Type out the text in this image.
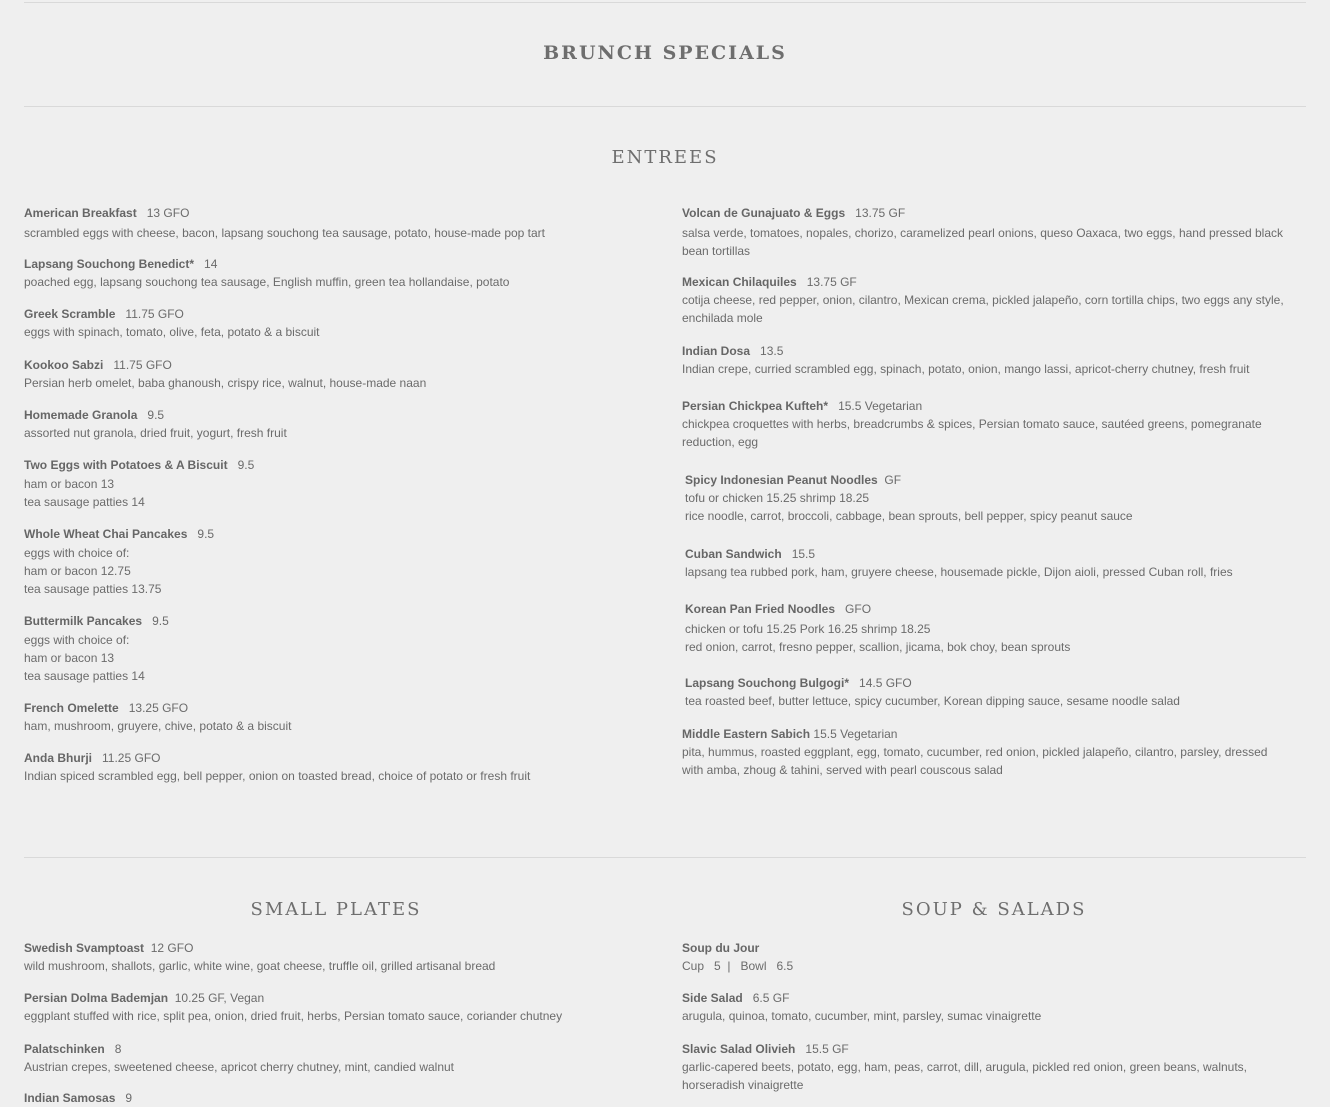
BRUNCH SPECIALS
ENTREES
American Breakfast 13 GFO
scrambled eggs with cheese, bacon, lapsang souchong tea sausage, potato, house-made pop tart
Lapsang Souchong Benedict* 14
poached egg, lapsang souchong tea sausage, English muffin, green tea hollandaise, potato
Greek Scramble 11.75 GFO
eggs with spinach, tomato, olive, feta, potato & a biscuit
Kookoo Sabzi 11.75 GFO
Persian herb omelet, baba ghanoush, crispy rice, walnut, house-made naan
Homemade Granola 9.5
assorted nut granola, dried fruit, yogurt, fresh fruit
Two Eggs with Potatoes & A Biscuit 9.5
ham or bacon 13
tea sausage patties 14
Whole Wheat Chai Pancakes 9.5
eggs with choice of:
ham or bacon 12.75
tea sausage patties 13.75
Buttermilk Pancakes 9.5
eggs with choice of:
ham or bacon 13
tea sausage patties 14
French Omelette 13.25 GFO
ham, mushroom, gruyere, chive, potato & a biscuit
Anda Bhurji 11.25 GFO
Indian spiced scrambled egg, bell pepper, onion on toasted bread, choice of potato or fresh fruit
Volcan de Gunajuato & Eggs 13.75 GF
salsa verde, tomatoes, nopales, chorizo, caramelized pearl onions, queso Oaxaca, two eggs, hand pressed black bean tortillas
Mexican Chilaquiles 13.75 GF
cotija cheese, red pepper, onion, cilantro, Mexican crema, pickled jalapeño, corn tortilla chips, two eggs any style, enchilada mole
Indian Dosa 13.5
Indian crepe, curried scrambled egg, spinach, potato, onion, mango lassi, apricot-cherry chutney, fresh fruit
Persian Chickpea Kufteh* 15.5 Vegetarian
chickpea croquettes with herbs, breadcrumbs & spices, Persian tomato sauce, sautéed greens, pomegranate reduction, egg
Spicy Indonesian Peanut Noodles GF
tofu or chicken 15.25 shrimp 18.25
rice noodle, carrot, broccoli, cabbage, bean sprouts, bell pepper, spicy peanut sauce
Cuban Sandwich 15.5
lapsang tea rubbed pork, ham, gruyere cheese, housemade pickle, Dijon aioli, pressed Cuban roll, fries
Korean Pan Fried Noodles GFO
chicken or tofu 15.25 Pork 16.25 shrimp 18.25
red onion, carrot, fresno pepper, scallion, jicama, bok choy, bean sprouts
Lapsang Souchong Bulgogi* 14.5 GFO
tea roasted beef, butter lettuce, spicy cucumber, Korean dipping sauce, sesame noodle salad
Middle Eastern Sabich 15.5 Vegetarian
pita, hummus, roasted eggplant, egg, tomato, cucumber, red onion, pickled jalapeño, cilantro, parsley, dressed with amba, zhoug & tahini, served with pearl couscous salad
SMALL PLATES	SOUP & SALADS
Swedish Svamptoast 12 GFO
wild mushroom, shallots, garlic, white wine, goat cheese, truffle oil, grilled artisanal bread
Persian Dolma Bademjan 10.25 GF, Vegan
eggplant stuffed with rice, split pea, onion, dried fruit, herbs, Persian tomato sauce, coriander chutney
Palatschinken 8
Austrian crepes, sweetened cheese, apricot cherry chutney, mint, candied walnut
Indian Samosas 9
Soup du Jour
Cup   5  |   Bowl   6.5
Side Salad 6.5 GF
arugula, quinoa, tomato, cucumber, mint, parsley, sumac vinaigrette
Slavic Salad Olivieh 15.5 GF
garlic-capered beets, potato, egg, ham, peas, carrot, dill, arugula, pickled red onion, green beans, walnuts, horseradish vinaigrette
